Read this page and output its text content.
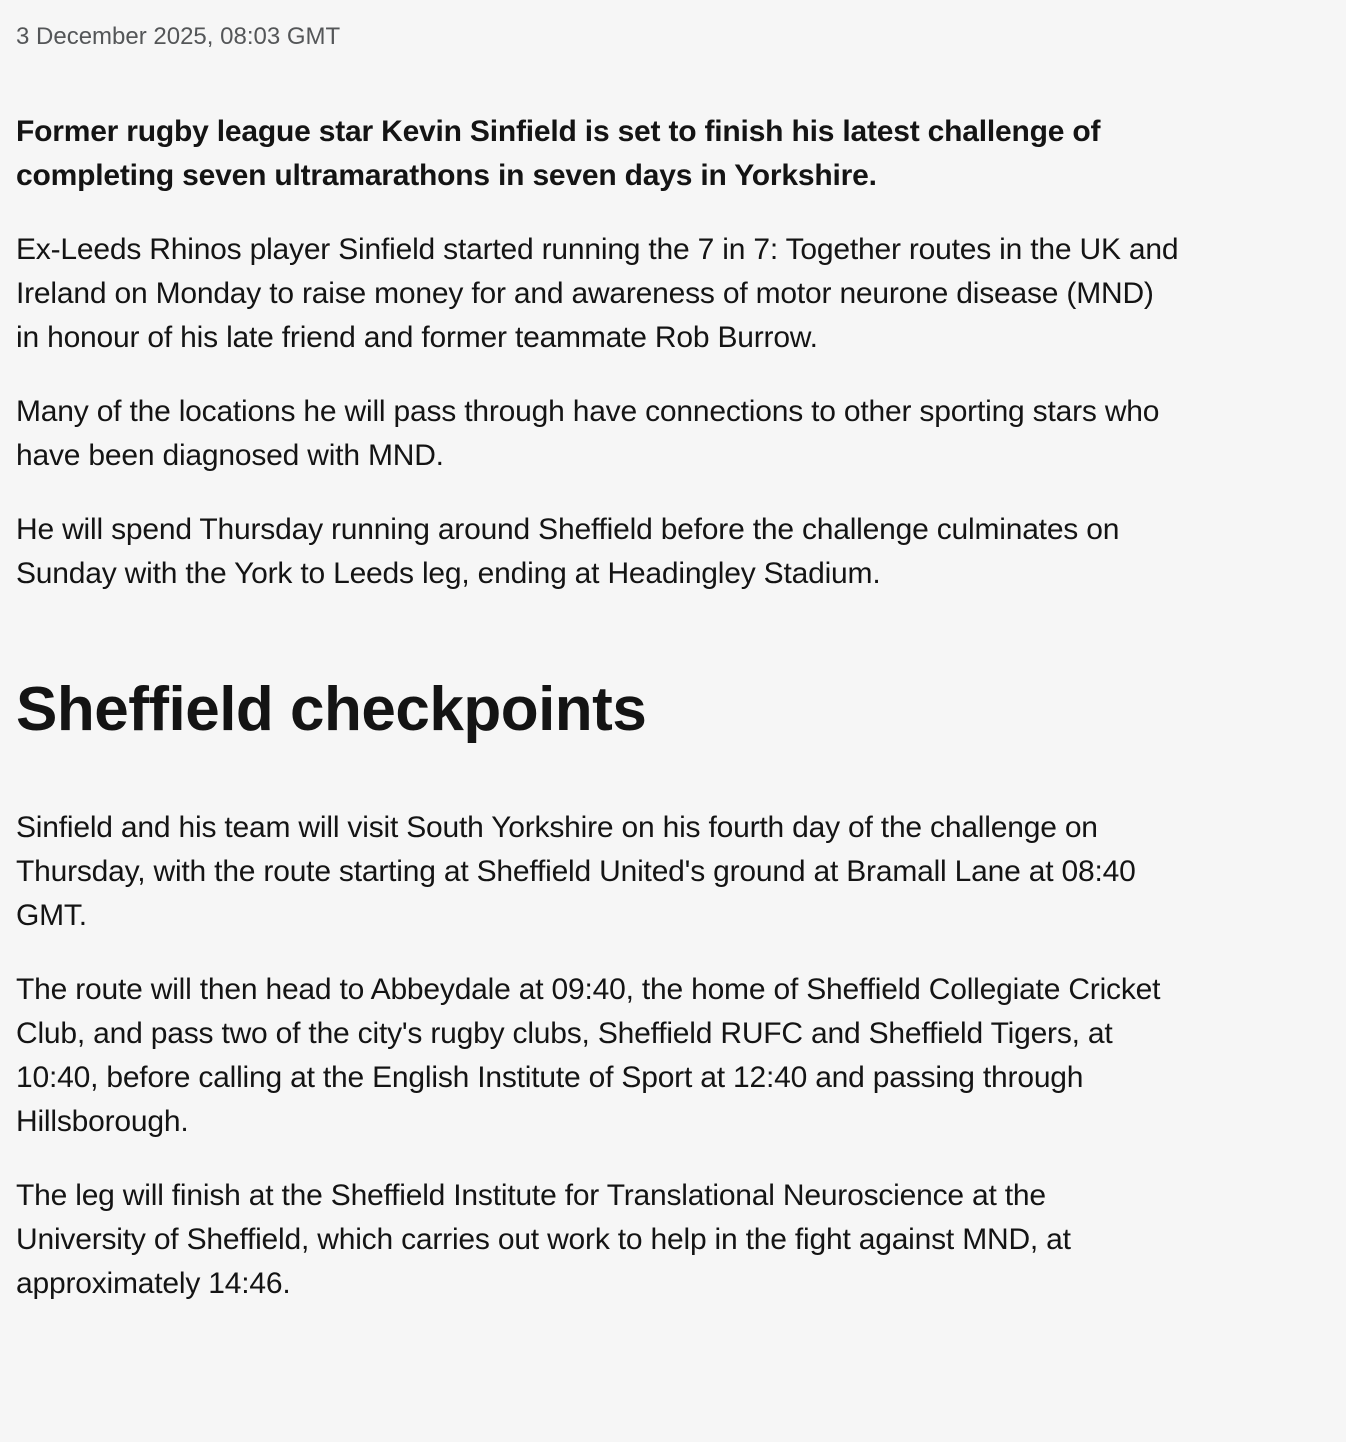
3 December 2025, 08:03 GMT

Former rugby league star Kevin Sinfield is set to finish his latest challenge of completing seven ultramarathons in seven days in Yorkshire.

Ex-Leeds Rhinos player Sinfield started running the 7 in 7: Together routes in the UK and Ireland on Monday to raise money for and awareness of motor neurone disease (MND) in honour of his late friend and former teammate Rob Burrow.

Many of the locations he will pass through have connections to other sporting stars who have been diagnosed with MND.

He will spend Thursday running around Sheffield before the challenge culminates on Sunday with the York to Leeds leg, ending at Headingley Stadium.

Sheffield checkpoints

Sinfield and his team will visit South Yorkshire on his fourth day of the challenge on Thursday, with the route starting at Sheffield United's ground at Bramall Lane at 08:40 GMT.

The route will then head to Abbeydale at 09:40, the home of Sheffield Collegiate Cricket Club, and pass two of the city's rugby clubs, Sheffield RUFC and Sheffield Tigers, at 10:40, before calling at the English Institute of Sport at 12:40 and passing through Hillsborough.

The leg will finish at the Sheffield Institute for Translational Neuroscience at the University of Sheffield, which carries out work to help in the fight against MND, at approximately 14:46.
